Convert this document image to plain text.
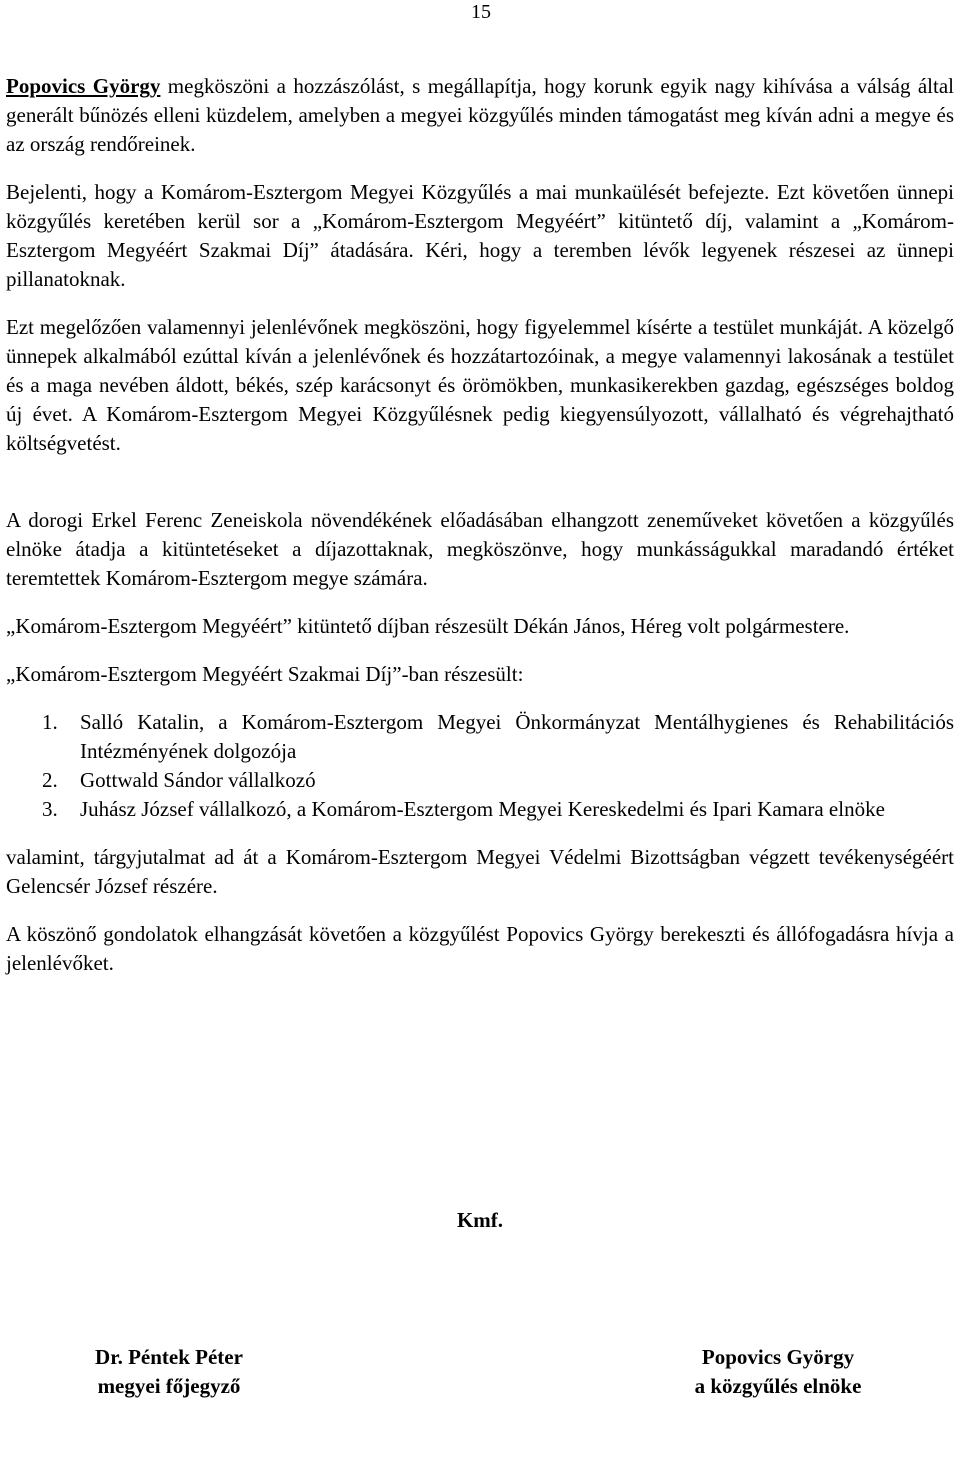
15

Popovics György megköszöni a hozzászólást, s megállapítja, hogy korunk egyik nagy kihívása a válság által generált bűnözés elleni küzdelem, amelyben a megyei közgyűlés minden támogatást meg kíván adni a megye és az ország rendőreinek.

Bejelenti, hogy a Komárom-Esztergom Megyei Közgyűlés a mai munkaülését befejezte. Ezt követően ünnepi közgyűlés keretében kerül sor a „Komárom-Esztergom Megyéért” kitüntető díj, valamint a „Komárom-Esztergom Megyéért Szakmai Díj” átadására. Kéri, hogy a teremben lévők legyenek részesei az ünnepi pillanatoknak.

Ezt megelőzően valamennyi jelenlévőnek megköszöni, hogy figyelemmel kísérte a testület munkáját. A közelgő ünnepek alkalmából ezúttal kíván a jelenlévőnek és hozzátartozóinak, a megye valamennyi lakosának a testület és a maga nevében áldott, békés, szép karácsonyt és örömökben, munkasikerekben gazdag, egészséges boldog új évet. A Komárom-Esztergom Megyei Közgyűlésnek pedig kiegyensúlyozott, vállalható és végrehajtható költségvetést.

A dorogi Erkel Ferenc Zeneiskola növendékének előadásában elhangzott zeneműveket követően a közgyűlés elnöke átadja a kitüntetéseket a díjazottaknak, megköszönve, hogy munkásságukkal maradandó értéket teremtettek Komárom-Esztergom megye számára.

„Komárom-Esztergom Megyéért” kitüntető díjban részesült Dékán János, Héreg volt polgármestere.

„Komárom-Esztergom Megyéért Szakmai Díj”-ban részesült:

1. Salló Katalin, a Komárom-Esztergom Megyei Önkormányzat Mentálhygienes és Rehabilitációs Intézményének dolgozója
2. Gottwald Sándor vállalkozó
3. Juhász József vállalkozó, a Komárom-Esztergom Megyei Kereskedelmi és Ipari Kamara elnöke

valamint, tárgyjutalmat ad át a Komárom-Esztergom Megyei Védelmi Bizottságban végzett tevékenységéért Gelencsér József részére.

A köszönő gondolatok elhangzását követően a közgyűlést Popovics György berekeszti és állófogadásra hívja a jelenlévőket.

Kmf.
Dr. Péntek Péter
megyei főjegyző
Popovics György
a közgyűlés elnöke
